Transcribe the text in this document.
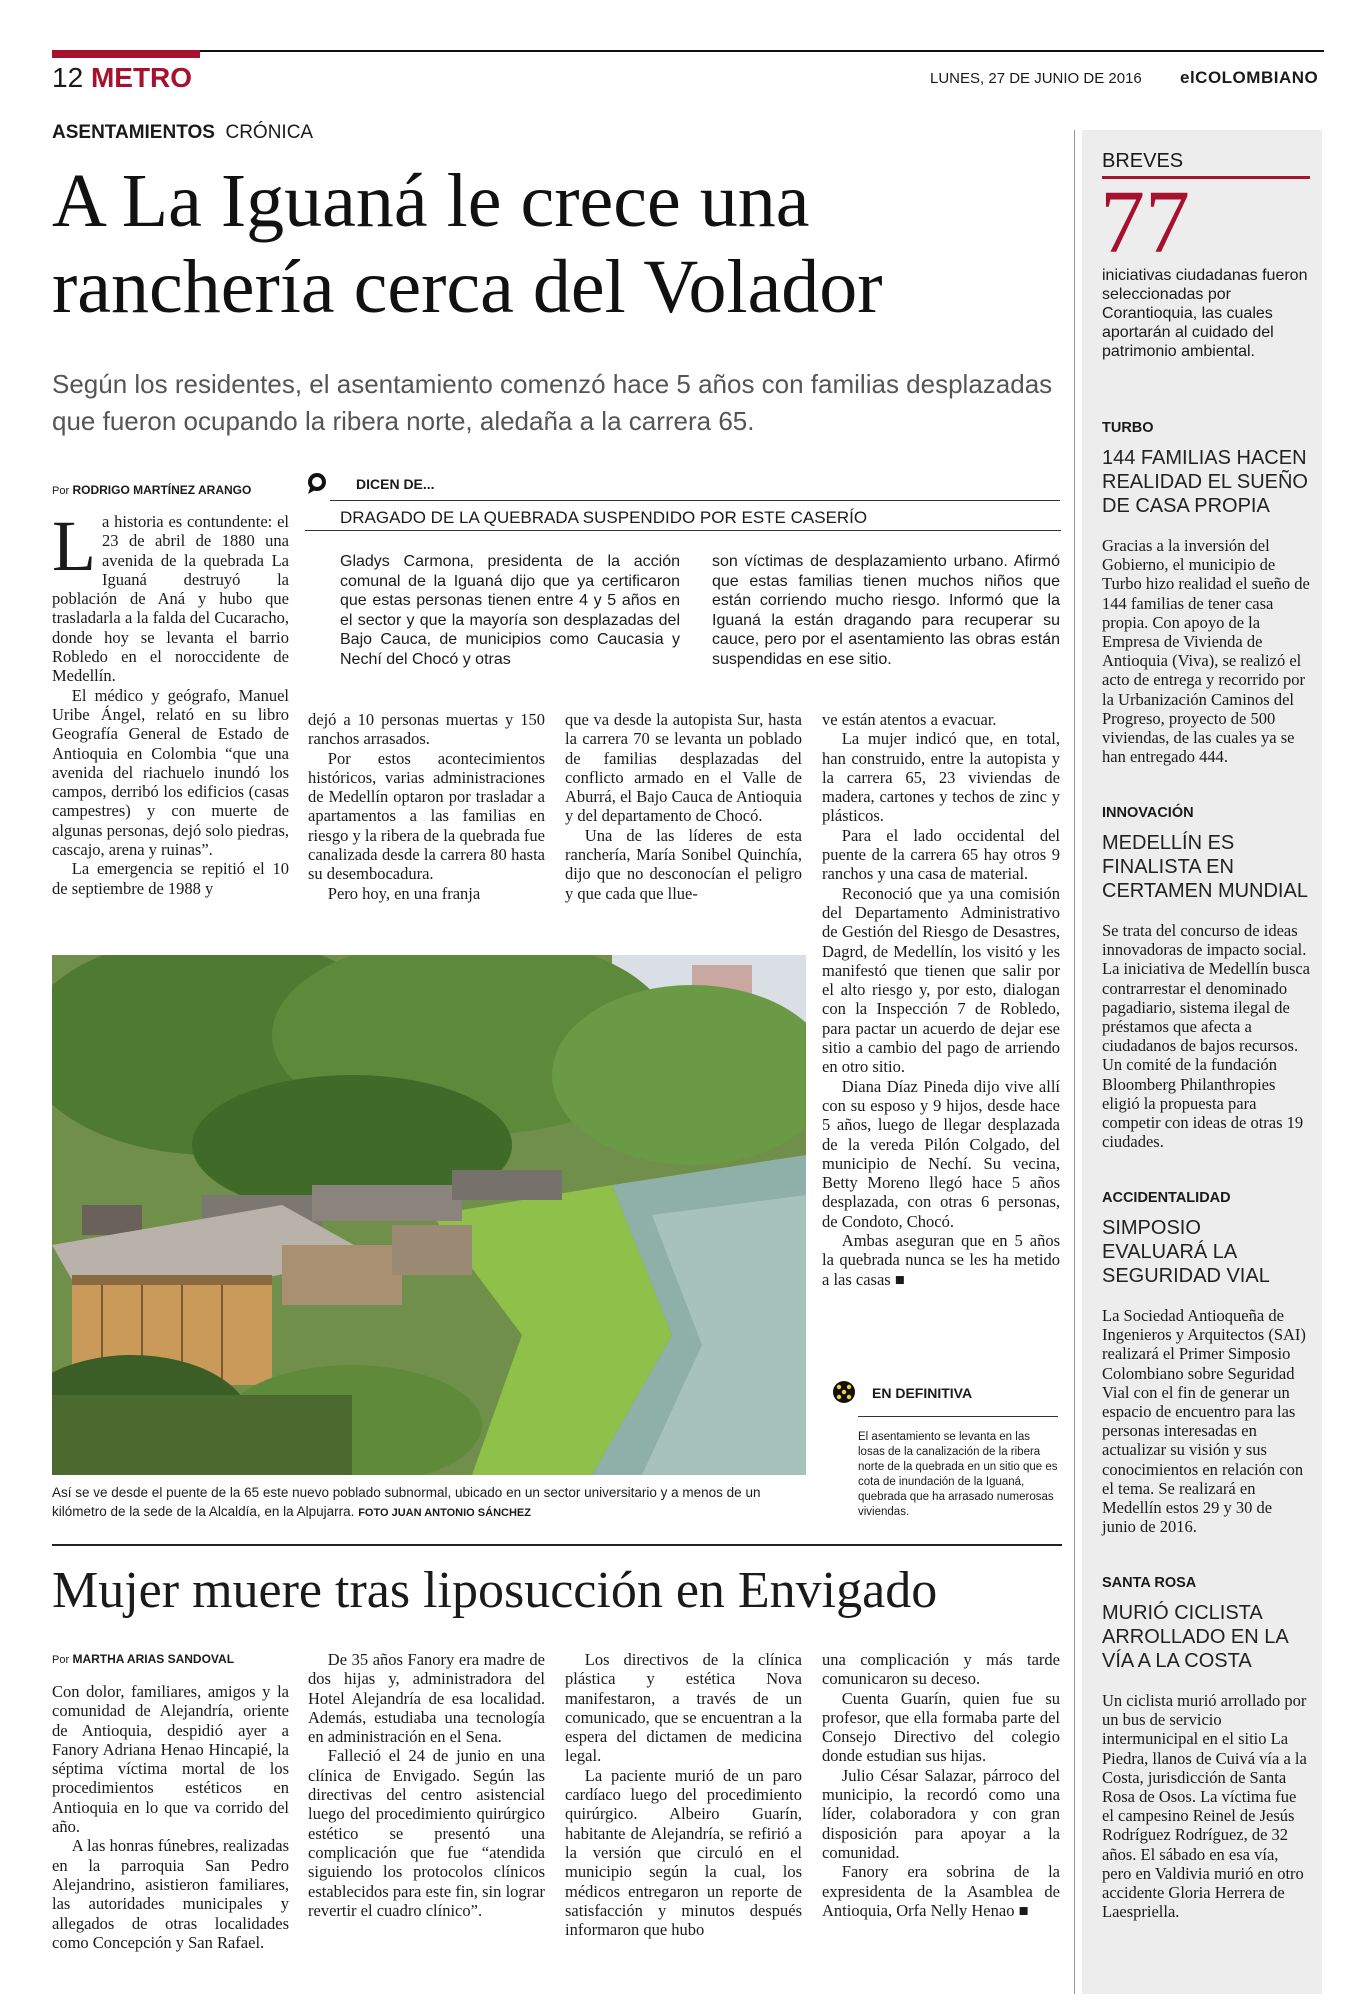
12 METRO	LUNES, 27 DE JUNIO DE 2016 elCOLOMBIANO
ASENTAMIENTOS CRÓNICA
A La Iguaná le crece una
ranchería cerca del Volador
Según los residentes, el asentamiento comenzó hace 5 años con familias desplazadas que fueron ocupando la ribera norte, aledaña a la carrera 65.
Por RODRIGO MARTÍNEZ ARANGO

La historia es contundente: el 23 de abril de 1880 una avenida de la quebrada La Iguaná destruyó la población de Aná y hubo que trasladarla a la falda del Cucaracho, donde hoy se levanta el barrio Robledo en el noroccidente de Medellín.

El médico y geógrafo, Manuel Uribe Ángel, relató en su libro Geografía General de Estado de Antioquia en Colombia “que una avenida del riachuelo inundó los campos, derribó los edificios (casas campestres) y con muerte de algunas personas, dejó solo piedras, cascajo, arena y ruinas”.

La emergencia se repitió el 10 de septiembre de 1988 y

DICEN DE...
DRAGADO DE LA QUEBRADA SUSPENDIDO POR ESTE CASERÍO
Gladys Carmona, presidenta de la acción comunal de la Iguaná dijo que ya certificaron que estas personas tienen entre 4 y 5 años en el sector y que la mayoría son desplazadas del Bajo Cauca, de municipios como Caucasia y Nechí del Chocó y otras
son víctimas de desplazamiento urbano. Afirmó que estas familias tienen muchos niños que están corriendo mucho riesgo. Informó que la Iguaná la están dragando para recuperar su cauce, pero por el asentamiento las obras están suspendidas en ese sitio.

dejó a 10 personas muertas y 150 ranchos arrasados.

Por estos acontecimientos históricos, varias administraciones de Medellín optaron por trasladar a apartamentos a las familias en riesgo y la ribera de la quebrada fue canalizada desde la carrera 80 hasta su desembocadura.

Pero hoy, en una franja

que va desde la autopista Sur, hasta la carrera 70 se levanta un poblado de familias desplazadas del conflicto armado en el Valle de Aburrá, el Bajo Cauca de Antioquia y del departamento de Chocó.

Una de las líderes de esta ranchería, María Sonibel Quinchía, dijo que no desconocían el peligro y que cada que llue-

ve están atentos a evacuar.

La mujer indicó que, en total, han construido, entre la autopista y la carrera 65, 23 viviendas de madera, cartones y techos de zinc y plásticos.

Para el lado occidental del puente de la carrera 65 hay otros 9 ranchos y una casa de material.

Reconoció que ya una comisión del Departamento Administrativo de Gestión del Riesgo de Desastres, Dagrd, de Medellín, los visitó y les manifestó que tienen que salir por el alto riesgo y, por esto, dialogan con la Inspección 7 de Robledo, para pactar un acuerdo de dejar ese sitio a cambio del pago de arriendo en otro sitio.

Diana Díaz Pineda dijo vive allí con su esposo y 9 hijos, desde hace 5 años, luego de llegar desplazada de la vereda Pilón Colgado, del municipio de Nechí. Su vecina, Betty Moreno llegó hace 5 años desplazada, con otras 6 personas, de Condoto, Chocó.

Ambas aseguran que en 5 años la quebrada nunca se les ha metido a las casas ■

Así se ve desde el puente de la 65 este nuevo poblado subnormal, ubicado en un sector universitario y a menos de un kilómetro de la sede de la Alcaldía, en la Alpujarra. FOTO JUAN ANTONIO SÁNCHEZ
EN DEFINITIVA
El asentamiento se levanta en las losas de la canalización de la ribera norte de la quebrada en un sitio que es cota de inundación de la Iguaná, quebrada que ha arrasado numerosas viviendas.
Mujer muere tras liposucción en Envigado
Por MARTHA ARIAS SANDOVAL

Con dolor, familiares, amigos y la comunidad de Alejandría, oriente de Antioquia, despidió ayer a Fanory Adriana Henao Hincapié, la séptima víctima mortal de los procedimientos estéticos en Antioquia en lo que va corrido del año.

A las honras fúnebres, realizadas en la parroquia San Pedro Alejandrino, asistieron familiares, las autoridades municipales y allegados de otras localidades como Concepción y San Rafael.

De 35 años Fanory era madre de dos hijas y, administradora del Hotel Alejandría de esa localidad. Además, estudiaba una tecnología en administración en el Sena.

Falleció el 24 de junio en una clínica de Envigado. Según las directivas del centro asistencial luego del procedimiento quirúrgico estético se presentó una complicación que fue “atendida siguiendo los protocolos clínicos establecidos para este fin, sin lograr revertir el cuadro clínico”.

Los directivos de la clínica plástica y estética Nova manifestaron, a través de un comunicado, que se encuentran a la espera del dictamen de medicina legal.

La paciente murió de un paro cardíaco luego del procedimiento quirúrgico. Albeiro Guarín, habitante de Alejandría, se refirió a la versión que circuló en el municipio según la cual, los médicos entregaron un reporte de satisfacción y minutos después informaron que hubo

una complicación y más tarde comunicaron su deceso.

Cuenta Guarín, quien fue su profesor, que ella formaba parte del Consejo Directivo del colegio donde estudian sus hijas.

Julio César Salazar, párroco del municipio, la recordó como una líder, colaboradora y con gran disposición para apoyar a la comunidad.

Fanory era sobrina de la expresidenta de la Asamblea de Antioquia, Orfa Nelly Henao ■

BREVES
77
iniciativas ciudadanas fueron seleccionadas por Corantioquia, las cuales aportarán al cuidado del patrimonio ambiental.
TURBO
144 FAMILIAS HACEN REALIDAD EL SUEÑO DE CASA PROPIA
Gracias a la inversión del Gobierno, el municipio de Turbo hizo realidad el sueño de 144 familias de tener casa propia. Con apoyo de la Empresa de Vivienda de Antioquia (Viva), se realizó el acto de entrega y recorrido por la Urbanización Caminos del Progreso, proyecto de 500 viviendas, de las cuales ya se han entregado 444.
INNOVACIÓN
MEDELLÍN ES FINALISTA EN CERTAMEN MUNDIAL
Se trata del concurso de ideas innovadoras de impacto social. La iniciativa de Medellín busca contrarrestar el denominado pagadiario, sistema ilegal de préstamos que afecta a ciudadanos de bajos recursos. Un comité de la fundación Bloomberg Philanthropies eligió la propuesta para competir con ideas de otras 19 ciudades.
ACCIDENTALIDAD
SIMPOSIO EVALUARÁ LA SEGURIDAD VIAL
La Sociedad Antioqueña de Ingenieros y Arquitectos (SAI) realizará el Primer Simposio Colombiano sobre Seguridad Vial con el fin de generar un espacio de encuentro para las personas interesadas en actualizar su visión y sus conocimientos en relación con el tema. Se realizará en Medellín estos 29 y 30 de junio de 2016.
SANTA ROSA
MURIÓ CICLISTA ARROLLADO EN LA VÍA A LA COSTA
Un ciclista murió arrollado por un bus de servicio intermunicipal en el sitio La Piedra, llanos de Cuivá vía a la Costa, jurisdicción de Santa Rosa de Osos. La víctima fue el campesino Reinel de Jesús Rodríguez Rodríguez, de 32 años. El sábado en esa vía, pero en Valdivia murió en otro accidente Gloria Herrera de Laespriella.
